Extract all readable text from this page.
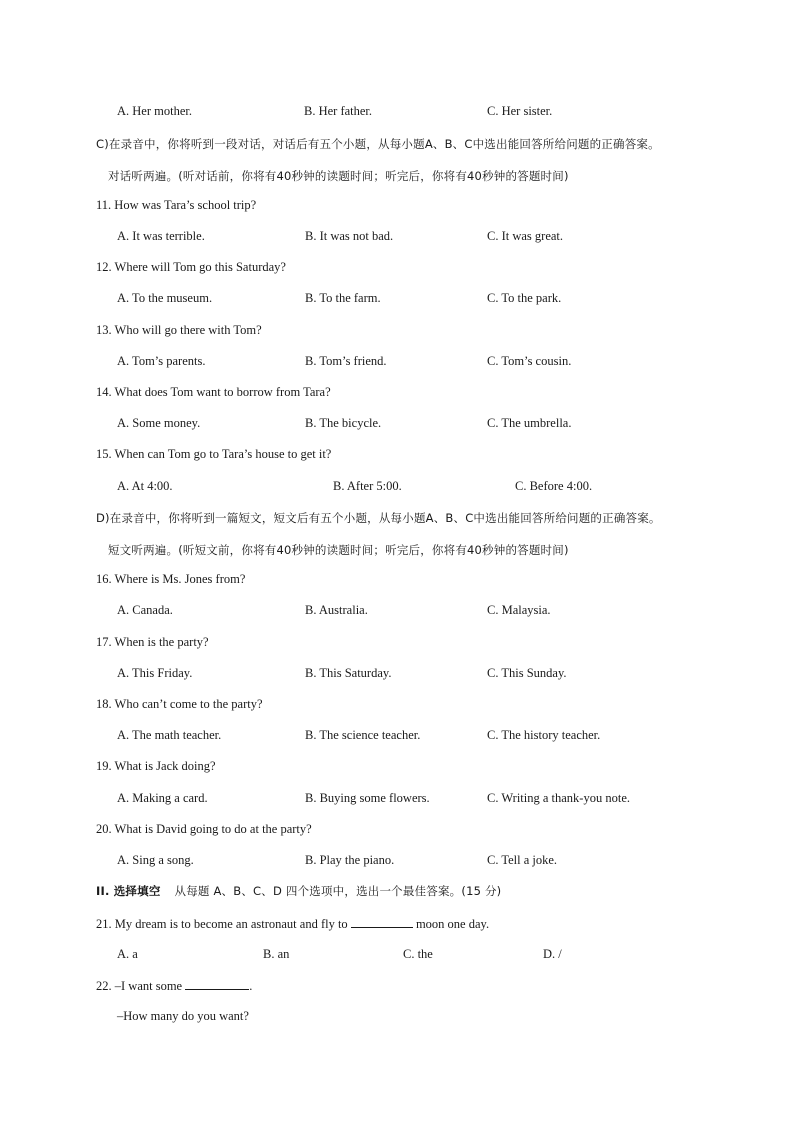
A. Her mother.	B. Her father.	C. Her sister.
C)在录音中，你将听到一段对话，对话后有五个小题，从每小题A、B、C中选出能回答所给问题的正确答案。
对话听两遍。(听对话前，你将有40秒钟的读题时间；听完后，你将有40秒钟的答题时间)
11. How was Tara’s school trip?
A. It was terrible.	B. It was not bad.	C. It was great.
12. Where will Tom go this Saturday?
A. To the museum.	B. To the farm.	C. To the park.
13. Who will go there with Tom?
A. Tom’s parents.	B. Tom’s friend.	C. Tom’s cousin.
14. What does Tom want to borrow from Tara?
A. Some money.	B. The bicycle.	C. The umbrella.
15. When can Tom go to Tara’s house to get it?
A. At 4:00.	B. After 5:00.	C. Before 4:00.
D)在录音中，你将听到一篇短文，短文后有五个小题，从每小题A、B、C中选出能回答所给问题的正确答案。
短文听两遍。(听短文前，你将有40秒钟的读题时间；听完后，你将有40秒钟的答题时间)
16. Where is Ms. Jones from?
A. Canada.	B. Australia.	C. Malaysia.
17. When is the party?
A. This Friday.	B. This Saturday.	C. This Sunday.
18. Who can’t come to the party?
A. The math teacher.	B. The science teacher.	C. The history teacher.
19. What is Jack doing?
A. Making a card.	B. Buying some flowers.	C. Writing a thank-you note.
20. What is David going to do at the party?
A. Sing a song.	B. Play the piano.	C. Tell a joke.
II. 选择填空 从每题 A、B、C、D 四个选项中，选出一个最佳答案。(15 分)
21. My dream is to become an astronaut and fly to	moon one day.
A. a	B. an	C. the	D. /
22. –I want some	.
–How many do you want?
